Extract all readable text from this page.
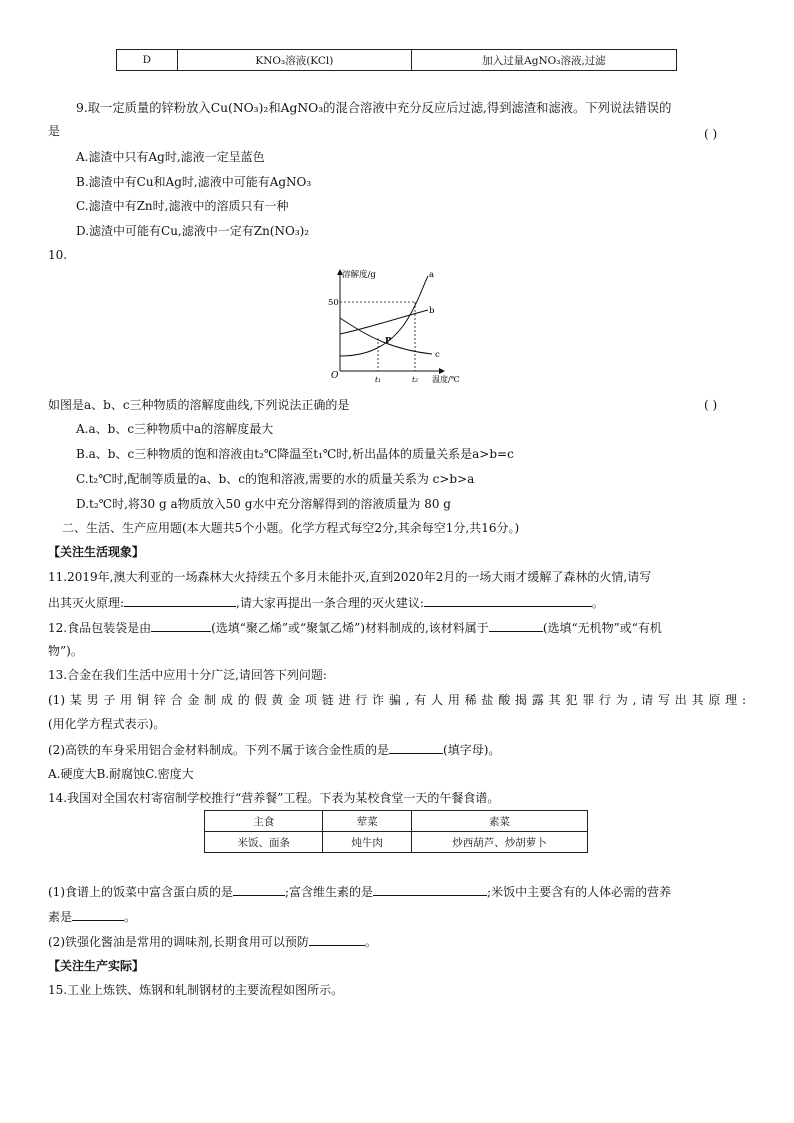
D	KNO₃溶液(KCl)	加入过量AgNO₃溶液,过滤
9.取一定质量的锌粉放入Cu(NO₃)₂和AgNO₃的混合溶液中充分反应后过滤,得到滤渣和滤液。下列说法错误的
是	( )
A.滤渣中只有Ag时,滤液一定呈蓝色
B.滤渣中有Cu和Ag时,滤液中可能有AgNO₃
C.滤渣中有Zn时,滤液中的溶质只有一种
D.滤渣中可能有Cu,滤液中一定有Zn(NO₃)₂
10.
溶解度/g
50
O	t₁	t₂ 温度/℃
a
b
c
P
如图是a、b、c三种物质的溶解度曲线,下列说法正确的是	( )
A.a、b、c三种物质中a的溶解度最大
B.a、b、c三种物质的饱和溶液由t₂℃降温至t₁℃时,析出晶体的质量关系是a>b=c
C.t₂℃时,配制等质量的a、b、c的饱和溶液,需要的水的质量关系为 c>b>a
D.t₂℃时,将30 g a物质放入50 g水中充分溶解得到的溶液质量为 80 g
二、生活、生产应用题(本大题共5个小题。化学方程式每空2分,其余每空1分,共16分。)
【关注生活现象】
11.2019年,澳大利亚的一场森林大火持续五个多月未能扑灭,直到2020年2月的一场大雨才缓解了森林的火情,请写
出其灭火原理:	,请大家再提出一条合理的灭火建议:	。
12.食品包装袋是由	(选填“聚乙烯”或“聚氯乙烯”)材料制成的,该材料属于	(选填“无机物”或“有机
物”)。
13.合金在我们生活中应用十分广泛,请回答下列问题:
(1)某男子用铜锌合金制成的假黄金项链进行诈骗,有人用稀盐酸揭露其犯罪行为,请写出其原理:
(用化学方程式表示)。
(2)高铁的车身采用铝合金材料制成。下列不属于该合金性质的是	(填字母)。
A.硬度大B.耐腐蚀C.密度大
14.我国对全国农村寄宿制学校推行“营养餐”工程。下表为某校食堂一天的午餐食谱。
主食	荤菜	素菜
米饭、面条	炖牛肉	炒西葫芦、炒胡萝卜
(1)食谱上的饭菜中富含蛋白质的是	;富含维生素的是	;米饭中主要含有的人体必需的营养
素是	。
(2)铁强化酱油是常用的调味剂,长期食用可以预防	。
【关注生产实际】
15.工业上炼铁、炼钢和轧制钢材的主要流程如图所示。
